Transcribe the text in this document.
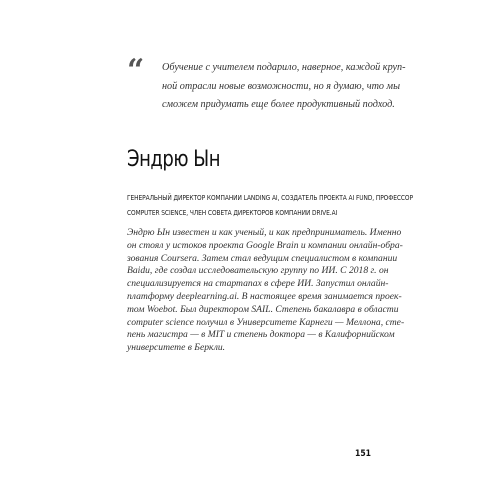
“ Обучение с учителем подарило, наверное, каждой круп-
ной отрасли новые возможности, но я думаю, что мы
сможем придумать еще более продуктивный подход.
Эндрю Ын
ГЕНЕРАЛЬНЫЙ ДИРЕКТОР КОМПАНИИ LANDING AI, СОЗДАТЕЛЬ ПРОЕКТА AI FUND, ПРОФЕССОР
COMPUTER SCIENCE, ЧЛЕН СОВЕТА ДИРЕКТОРОВ КОМПАНИИ DRIVE.AI
Эндрю Ын известен и как ученый, и как предприниматель. Именно
он стоял у истоков проекта Google Brain и компании онлайн-обра-
зования Coursera. Затем стал ведущим специалистом в компании
Baidu, где создал исследовательскую группу по ИИ. С 2018 г. он
специализируется на стартапах в сфере ИИ. Запустил онлайн-
платформу deeplearning.ai. В настоящее время занимается проек-
том Woebot. Был директором SAIL. Степень бакалавра в области
computer science получил в Университете Карнеги — Меллона, сте-
пень магистра — в MIT и степень доктора — в Калифорнийском
университете в Беркли.
151
